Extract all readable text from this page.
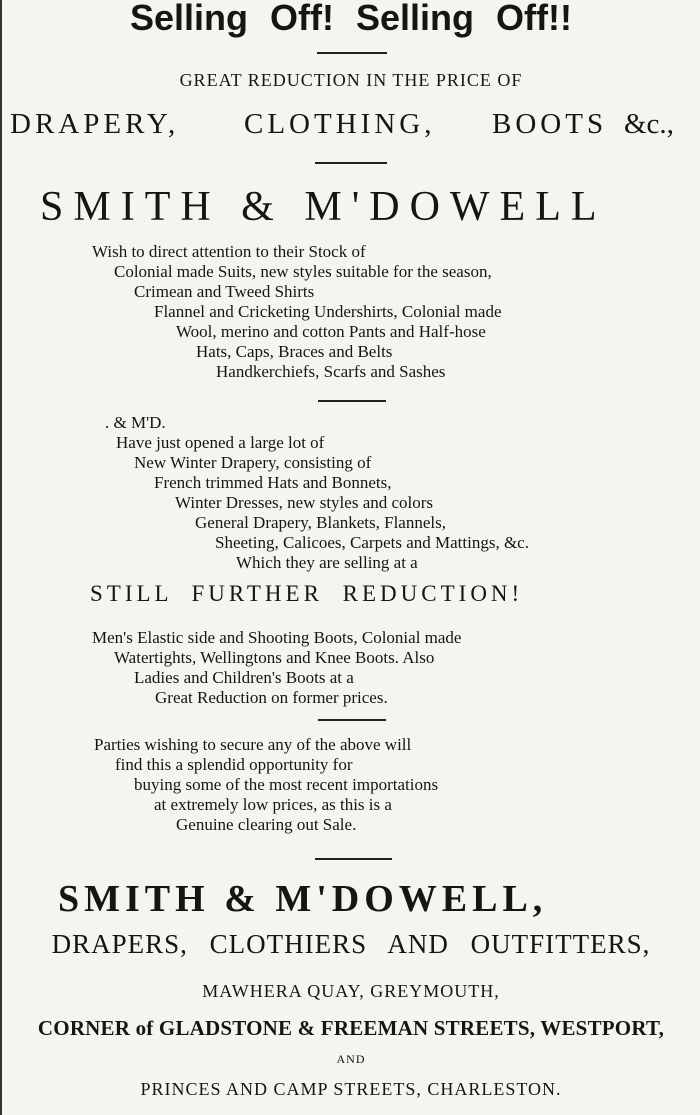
Selling Off! Selling Off!!
GREAT REDUCTION IN THE PRICE OF
DRAPERY, CLOTHING, BOOTS &c.,
SMITH & M'DOWELL
Wish to direct attention to their Stock of
Colonial made Suits, new styles suitable for the season,
Crimean and Tweed Shirts
Flannel and Cricketing Undershirts, Colonial made
Wool, merino and cotton Pants and Half-hose
Hats, Caps, Braces and Belts
Handkerchiefs, Scarfs and Sashes
. & M'D.
Have just opened a large lot of
New Winter Drapery, consisting of
French trimmed Hats and Bonnets,
Winter Dresses, new styles and colors
General Drapery, Blankets, Flannels,
Sheeting, Calicoes, Carpets and Mattings, &c.
Which they are selling at a
STILL FURTHER REDUCTION!
Men's Elastic side and Shooting Boots, Colonial made
Watertights, Wellingtons and Knee Boots. Also
Ladies and Children's Boots at a
Great Reduction on former prices.
Parties wishing to secure any of the above will
find this a splendid opportunity for
buying some of the most recent importations
at extremely low prices, as this is a
Genuine clearing out Sale.
SMITH & M'DOWELL,
DRAPERS, CLOTHIERS AND OUTFITTERS,
MAWHERA QUAY, GREYMOUTH,
CORNER of GLADSTONE & FREEMAN STREETS, WESTPORT,
AND
PRINCES AND CAMP STREETS, CHARLESTON.
